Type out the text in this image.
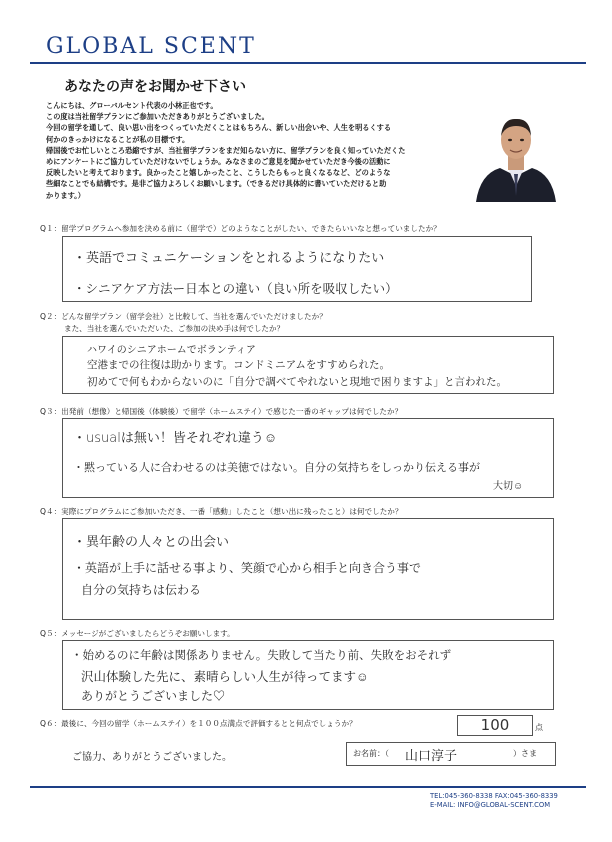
GLOBAL SCENT
あなたの声をお聞かせ下さい
こんにちは、グローバルセント代表の小林正也です。
この度は当社留学プランにご参加いただきありがとうございました。
今回の留学を通して、良い思い出をつくっていただくことはもちろん、新しい出会いや、人生を明るくする
何かのきっかけになることが私の目標です。
帰国後でお忙しいところ恐縮ですが、当社留学プランをまだ知らない方に、留学プランを良く知っていただくた
めにアンケートにご協力していただけないでしょうか。みなさまのご意見を聞かせていただき今後の活動に
反映したいと考えております。良かったこと嬉しかったこと、こうしたらもっと良くなるなど、どのような
些細なことでも結構です。是非ご協力よろしくお願いします。（できるだけ具体的に書いていただけると助
かります。）
Q１：留学プログラムへ参加を決める前に（留学で）どのようなことがしたい、できたらいいなと想っていましたか？
・英語でコミュニケーションをとれるようになりたい
・シニアケア方法ー日本との違い（良い所を吸収したい）
Q２：どんな留学プラン（留学会社）と比較して、当社を選んでいただけましたか？
また、当社を選んでいただいた、ご参加の決め手は何でしたか？
ハワイのシニアホームでボランティア
空港までの往復は助かります。コンドミニアムをすすめられた。
初めてで何もわからないのに「自分で調べてやれないと現地で困りますよ」と言われた。
Q３：出発前（想像）と帰国後（体験後）で留学（ホームステイ）で感じた一番のギャップは何でしたか？
・usualは無い！皆それぞれ違う☺
・黙っている人に合わせるのは美徳ではない。自分の気持ちをしっかり伝える事が
大切☺
Q４：実際にプログラムにご参加いただき、一番「感動」したこと（想い出に残ったこと）は何でしたか？
・異年齢の人々との出会い
・英語が上手に話せる事より、笑顔で心から相手と向き合う事で
自分の気持ちは伝わる
Q５：メッセージがございましたらどうぞお願いします。
・始めるのに年齢は関係ありません。失敗して当たり前、失敗をおそれず
沢山体験した先に、素晴らしい人生が待ってます☺
ありがとうございました♡
Q６：最後に、今回の留学（ホームステイ）を１００点満点で評価するとと何点でしょうか？	100	点
ご協力、ありがとうございました。	お名前：（ 山口淳子	）さま
TEL:045-360-8338 FAX:045-360-8339
E-MAIL: INFO@GLOBAL-SCENT.COM
